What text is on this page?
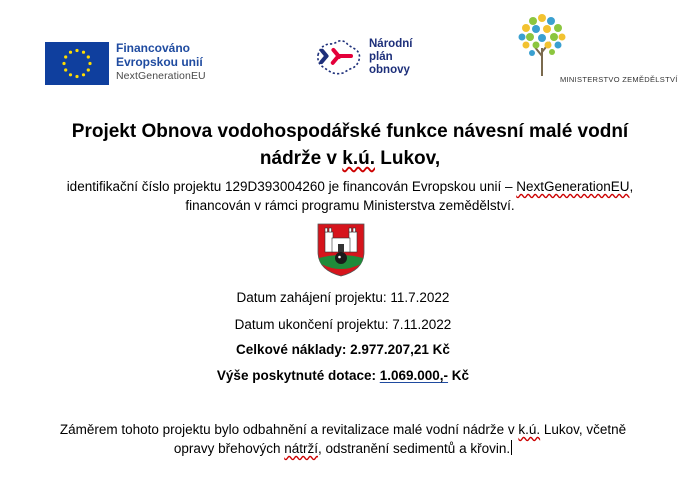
Financováno
Evropskou unií
NextGenerationEU
Národní
plán
obnovy
MINISTERSTVO ZEMĚDĚLSTVÍ
Projekt Obnova vodohospodářské funkce návesní malé vodní
nádrže v k.ú. Lukov,
identifikační číslo projektu 129D393004260 je financován Evropskou unií – NextGenerationEU,
financován v rámci programu Ministerstva zemědělství.
Datum zahájení projektu: 11.7.2022
Datum ukončení projektu: 7.11.2022
Celkové náklady: 2.977.207,21 Kč
Výše poskytnuté dotace: 1.069.000,- Kč
Záměrem tohoto projektu bylo odbahnění a revitalizace malé vodní nádrže v k.ú. Lukov, včetně
opravy břehových nátrží, odstranění sedimentů a křovin.
